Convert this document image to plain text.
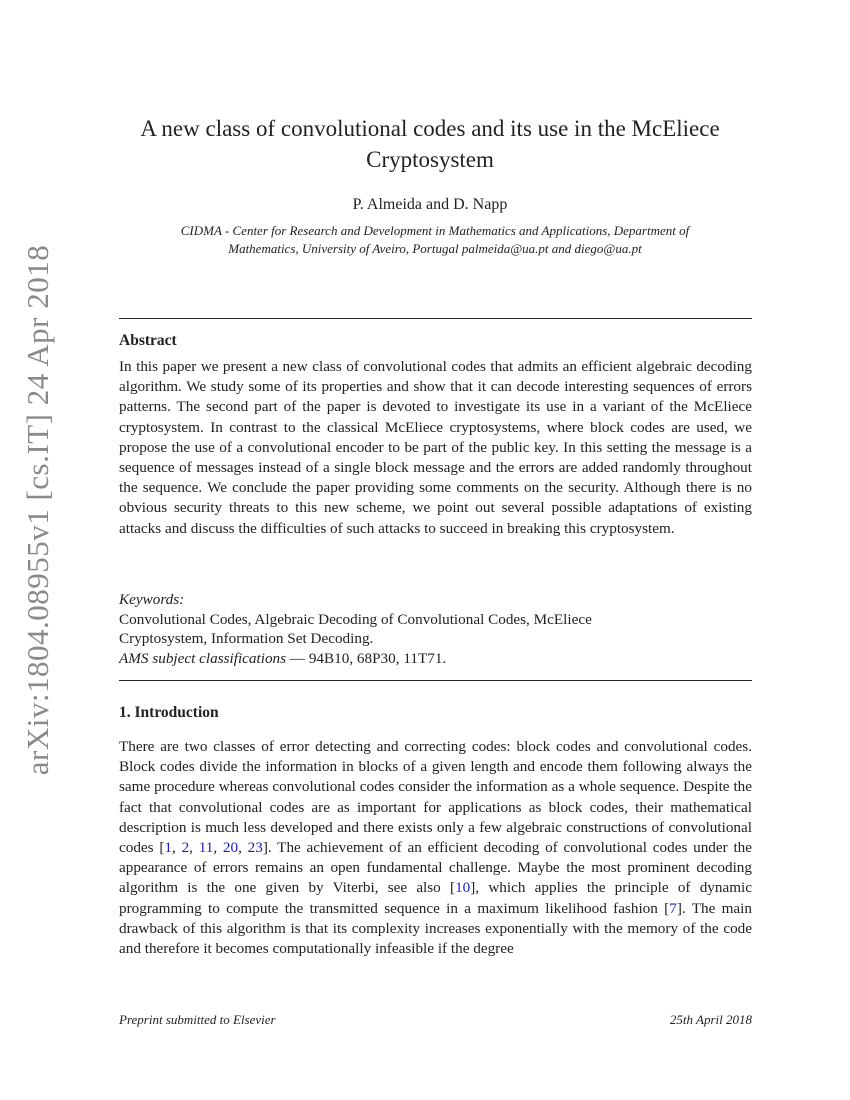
arXiv:1804.08955v1 [cs.IT] 24 Apr 2018
A new class of convolutional codes and its use in the McEliece
Cryptosystem
P. Almeida and D. Napp
CIDMA - Center for Research and Development in Mathematics and Applications, Department of
Mathematics, University of Aveiro, Portugal palmeida@ua.pt and diego@ua.pt
Abstract
In this paper we present a new class of convolutional codes that admits an efficient algebraic decoding algorithm. We study some of its properties and show that it can decode interesting sequences of errors patterns. The second part of the paper is devoted to investigate its use in a variant of the McEliece cryptosystem. In contrast to the classical McEliece cryptosystems, where block codes are used, we propose the use of a convolutional encoder to be part of the public key. In this setting the message is a sequence of messages instead of a single block message and the errors are added randomly throughout the sequence. We conclude the paper providing some comments on the security. Although there is no obvious security threats to this new scheme, we point out several possible adaptations of existing attacks and discuss the difficulties of such attacks to succeed in breaking this cryptosystem.
Keywords:
Convolutional Codes, Algebraic Decoding of Convolutional Codes, McEliece
Cryptosystem, Information Set Decoding.
AMS subject classifications — 94B10, 68P30, 11T71.
1. Introduction
There are two classes of error detecting and correcting codes: block codes and convolutional codes. Block codes divide the information in blocks of a given length and encode them following always the same procedure whereas convolutional codes consider the information as a whole sequence. Despite the fact that convolutional codes are as important for applications as block codes, their mathematical description is much less developed and there exists only a few algebraic constructions of convolutional codes [1, 2, 11, 20, 23]. The achievement of an efficient decoding of convolutional codes under the appearance of errors remains an open fundamental challenge. Maybe the most prominent decoding algorithm is the one given by Viterbi, see also [10], which applies the principle of dynamic programming to compute the transmitted sequence in a maximum likelihood fashion [7]. The main drawback of this algorithm is that its complexity increases exponentially with the memory of the code and therefore it becomes computationally infeasible if the degree
Preprint submitted to Elsevier	25th April 2018
